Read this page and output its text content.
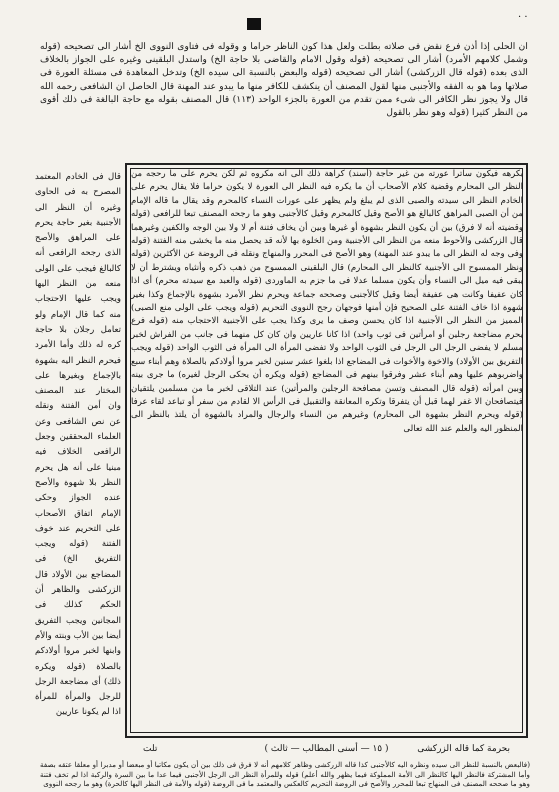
· ·

ان الحلى إذا أذن فرع نقض فى صلاته بطلت ولعل هذا كون الناظر حراما و وقوله فى فتاوى النووى الخ أشار الى تصحيحه (قوله وشمل كلامهم الأمرد) أشار الى تصحيحه (قوله وقول الامام والقاضى بلا حاجة الخ) واستدل البلقينى وغيره على الجواز بالخلاف الذى بعده (قوله قال الزركشى) أشار الى تصحيحه (قوله والبعض بالنسبة الى سيده الخ) وتدخل المعاهدة فى مسئلة العورة فى صلاتها وما هو به الفقه والأجنبى منها لقول المصنف أن ينكشف للكافر منها ما يبدو عند المهنة قال الحاصل ان الشافعى رحمه الله قال ولا يجوز نظر الكافر الى شىء ممن تقدم من العورة بالجزء الواحد (١١٣) قال المصنف بقوله مع حاجة البالغة فى ذلك أقوى من النظر كثيرا (قوله وهو نظر بالقول

بكرهه فيكون ساترا عورته من غير حاجة (أسند) كراهة ذلك الى انه مكروه ثم لكن يحرم على ما رحجه من النظر الى المحارم وقضية كلام الأصحاب أن ما يكره فيه النظر الى العورة لا يكون حراما فلا يقال يحرم على الخادم النظر الى سيدته والصبى الذى لم يبلغ ولم يظهر على عورات النساء كالمحرم وقد يقال ما قاله الإمام من أن الصبى المراهق كالبالغ هو الأصح وقيل كالمحرم وقيل كالأجنبى وهو ما رجحه المصنف تبعا للرافعى (قوله وقضيته أنه لا فرق) بين أن يكون النظر بشهوة أو غيرها وبين أن يخاف فتنة أم لا ولا بين الوجه والكفين وغيرهما قال الزركشى والأحوط منعه من النظر الى الأجنبية ومن الخلوة بها لأنه قد يحصل منه ما يخشى منه الفتنة (قوله وفى وجه له النظر الى ما يبدو عند المهنة) وهو الأصح فى المحرر والمنهاج ونقله فى الروضة عن الأكثرين (قوله ونظر الممسوح الى الأجنبية كالنظر الى المحارم) قال البلقينى الممسوح من ذهب ذكره وأنثياه ويشترط أن لا يبقى فيه ميل الى النساء وأن يكون مسلما عدلا فى ما جزم به الماوردى (قوله والعبد مع سيدته محرم) أى اذا كان عفيفا وكانت هى عفيفة أيضا وقيل كالأجنبى وصححه جماعة ويحرم نظر الأمرد بشهوة بالإجماع وكذا بغير شهوة اذا خاف الفتنة على الصحيح فإن أمنها فوجهان رجح النووى التحريم (قوله ويجب على الولى منع الصبى) المميز من النظر الى الأجنبية اذا كان يحسن وصف ما يرى وكذا يجب على الأجنبية الاحتجاب منه (قوله فرع يحرم مضاجعة رجلين أو امرأتين فى ثوب واحد) اذا كانا عاريين وان كان كل منهما فى جانب من الفراش لخبر مسلم لا يفضى الرجل الى الرجل فى الثوب الواحد ولا تفضى المرأة الى المرأة فى الثوب الواحد (قوله ويجب التفريق بين الأولاد) والاخوة والأخوات فى المضاجع اذا بلغوا عشر سنين لخبر مروا أولادكم بالصلاة وهم أبناء سبع واضربوهم عليها وهم أبناء عشر وفرقوا بينهم فى المضاجع (قوله ويكره أن يحكى الرجل لغيره) ما جرى بينه وبين امرأته (قوله قال المصنف وتسن مصافحة الرجلين والمرأتين) عند التلاقى لخبر ما من مسلمين يلتقيان فيتصافحان الا غفر لهما قبل أن يتفرقا وتكره المعانقة والتقبيل فى الرأس الا لقادم من سفر أو تباعد لقاء عرفا (قوله ويحرم النظر بشهوة الى المحارم) وغيرهم من النساء والرجال والمراد بالشهوة أن يلتذ بالنظر الى المنظور اليه والعلم عند الله تعالى

قال فى الخادم المعتمد المصرح به فى الحاوى وغيره أن النظر الى الأجنبية بغير حاجة يحرم على المراهق والأصح الذى رجحه الرافعى أنه كالبالغ فيجب على الولى منعه من النظر اليها ويجب عليها الاحتجاب منه كما قال الإمام ولو تعامل رجلان بلا حاجة كره له ذلك وأما الأمرد فيحرم النظر اليه بشهوة بالإجماع وبغيرها على المختار عند المصنف وان أمن الفتنة ونقله عن نص الشافعى وعن العلماء المحققين وجعل الرافعى الخلاف فيه مبنيا على أنه هل يحرم النظر بلا شهوة والأصح عنده الجواز وحكى الإمام اتفاق الأصحاب على التحريم عند خوف الفتنة (قوله ويجب التفريق الخ) فى المضاجع بين الأولاد قال الزركشى والظاهر أن الحكم كذلك فى المجانين ويجب التفريق أيضا بين الأب وبنته والأم وابنها لخبر مروا أولادكم بالصلاة (قوله ويكره ذلك) أى مضاجعة الرجل للرجل والمرأة للمرأة اذا لم يكونا عاريين

بحرمة كما قاله الزركشى
( ١٥ — أسنى المطالب — ثالث )
تلت

(فالبعض بالنسبة للنظر الى سيده ونظره اليه كالأجنبى كذا قاله الزركشى وظاهر كلامهم أنه لا فرق فى ذلك بين أن يكون مكاتبا أو مبعضا أو مدبرا أو معلقا عتقه بصفة وأما المشتركة فالنظر اليها كالنظر الى الأمة المملوكة فيما يظهر والله أعلم) قوله وللمرأة النظر الى الرجل الأجنبى فيما عدا ما بين السرة والركبة اذا لم تخف فتنة وهو ما صححه المصنف فى المنهاج تبعا للمحرر والأصح فى الروضة التحريم كالعكس والمعتمد ما فى الروضة (قوله والأمة فى النظر اليها كالحرة) وهو ما رجحه النووى
